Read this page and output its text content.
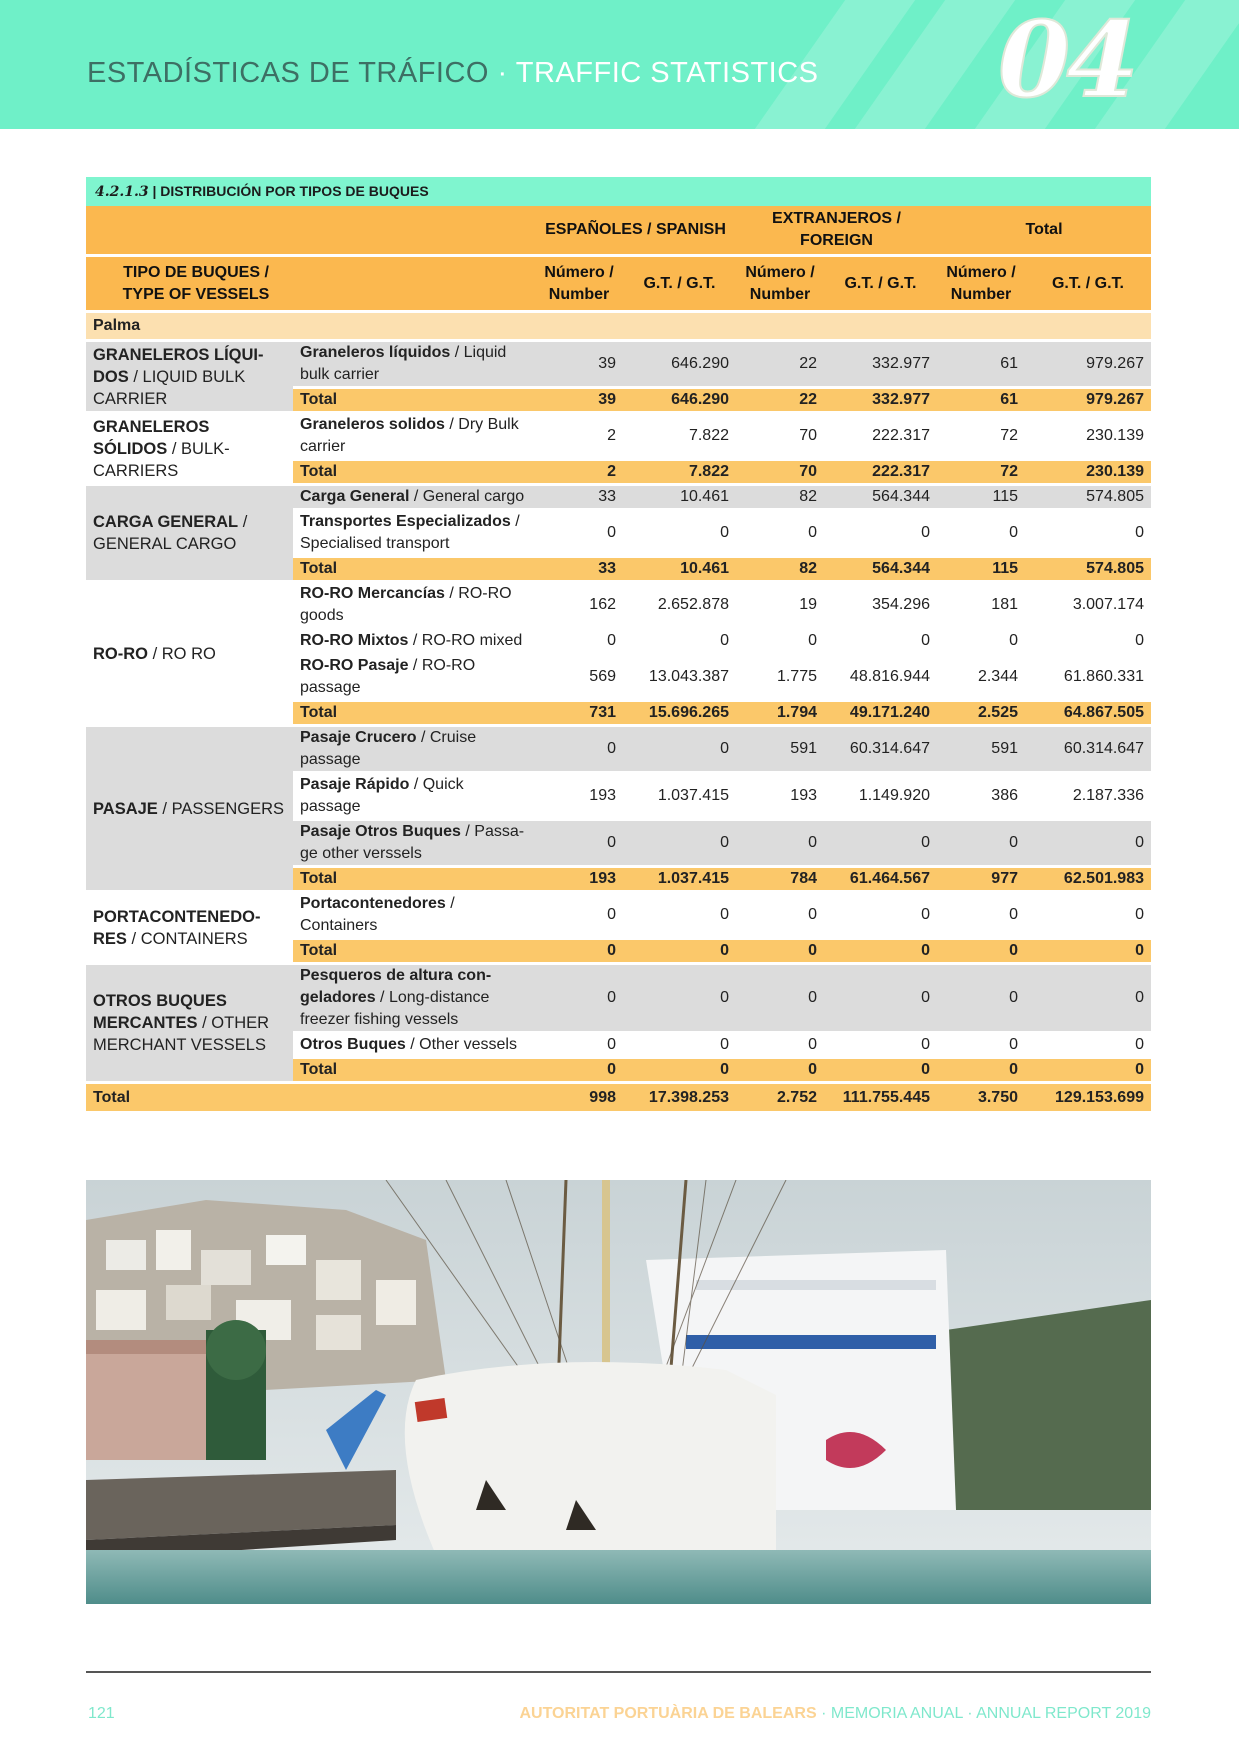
ESTADÍSTICAS DE TRÁFICO · TRAFFIC STATISTICS 04
4.2.1.3 | DISTRIBUCIÓN POR TIPOS DE BUQUES
		ESPAÑOLES / SPANISH		EXTRANJEROS / FOREIGN		Total	
TIPO DE BUQUES / TYPE OF VESSELS		Número / Number	G.T. / G.T.	Número / Number	G.T. / G.T.	Número / Number	G.T. / G.T.
Palma							
GRANELEROS LÍQUI-DOS / LIQUID BULK CARRIER	Graneleros líquidos / Liquid bulk carrier	39	646.290	22	332.977	61	979.267
	Total	39	646.290	22	332.977	61	979.267
GRANELEROS SÓLIDOS / BULK-CARRIERS	Graneleros solidos / Dry Bulk carrier	2	7.822	70	222.317	72	230.139
	Total	2	7.822	70	222.317	72	230.139
CARGA GENERAL / GENERAL CARGO	Carga General / General cargo	33	10.461	82	564.344	115	574.805
	Transportes Especializados / Specialised transport	0	0	0	0	0	0
	Total	33	10.461	82	564.344	115	574.805
RO-RO / RO RO	RO-RO Mercancías / RO-RO goods	162	2.652.878	19	354.296	181	3.007.174
	RO-RO Mixtos / RO-RO mixed	0	0	0	0	0	0
	RO-RO Pasaje / RO-RO passage	569	13.043.387	1.775	48.816.944	2.344	61.860.331
	Total	731	15.696.265	1.794	49.171.240	2.525	64.867.505
PASAJE / PASSENGERS	Pasaje Crucero / Cruise passage	0	0	591	60.314.647	591	60.314.647
	Pasaje Rápido / Quick passage	193	1.037.415	193	1.149.920	386	2.187.336
	Pasaje Otros Buques / Passa-ge other verssels	0	0	0	0	0	0
	Total	193	1.037.415	784	61.464.567	977	62.501.983
PORTACONTENEDO-RES / CONTAINERS	Portacontenedores / Containers	0	0	0	0	0	0
	Total	0	0	0	0	0	0
OTROS BUQUES MERCANTES / OTHER MERCHANT VESSELS	Pesqueros de altura con-geladores / Long-distance freezer fishing vessels	0	0	0	0	0	0
	Otros Buques / Other vessels	0	0	0	0	0	0
	Total	0	0	0	0	0	0
Total		998	17.398.253	2.752	111.755.445	3.750	129.153.699
121	AUTORITAT PORTUÀRIA DE BALEARS · MEMORIA ANUAL · ANNUAL REPORT 2019
